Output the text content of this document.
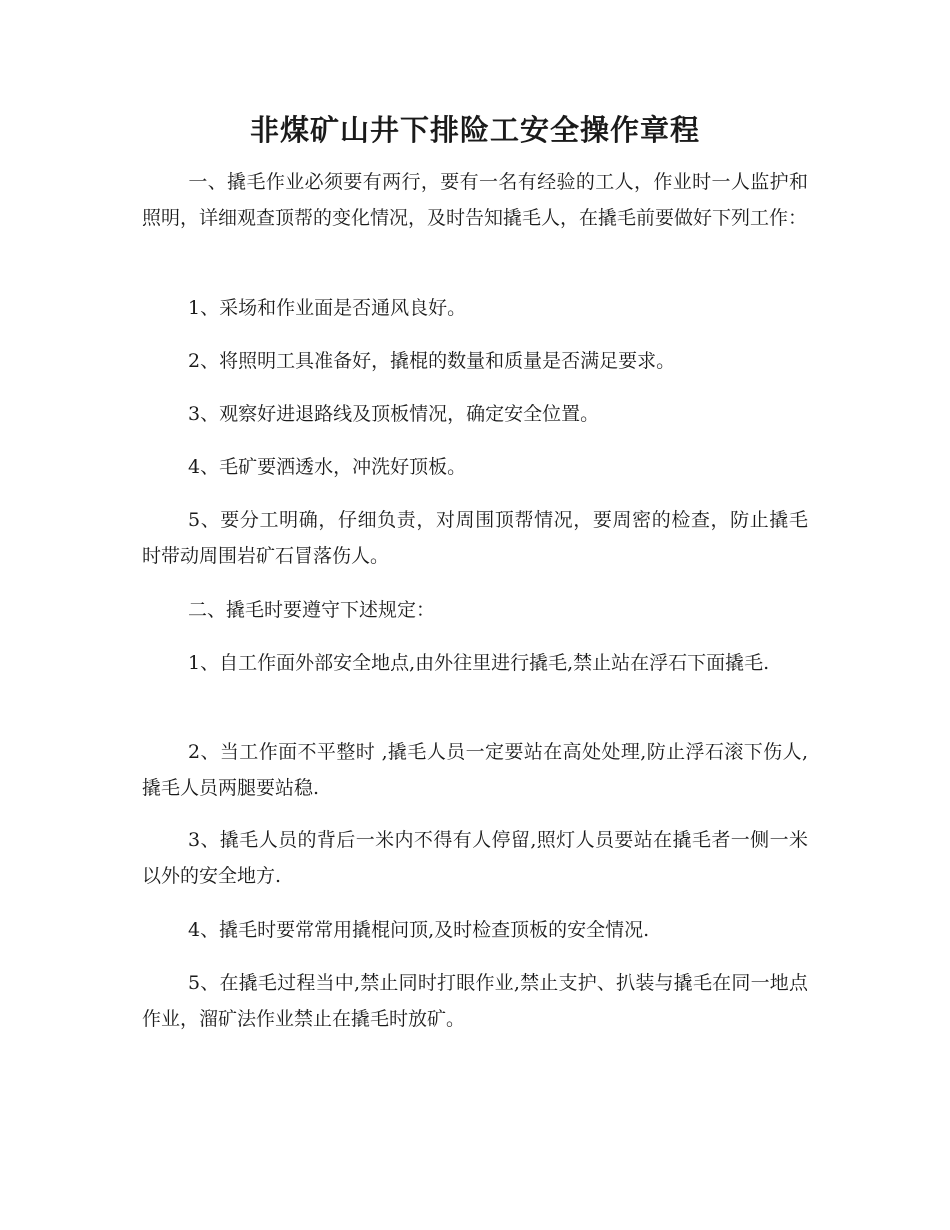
非煤矿山井下排险工安全操作章程

一、撬毛作业必须要有两行，要有一名有经验的工人，作业时一人监护和照明，详细观查顶帮的变化情况，及时告知撬毛人，在撬毛前要做好下列工作：

1、采场和作业面是否通风良好。

2、将照明工具准备好，撬棍的数量和质量是否满足要求。

3、观察好进退路线及顶板情况，确定安全位置。

4、毛矿要洒透水，冲洗好顶板。

5、要分工明确，仔细负责，对周围顶帮情况，要周密的检查，防止撬毛时带动周围岩矿石冒落伤人。

二、撬毛时要遵守下述规定：

1、自工作面外部安全地点,由外往里进行撬毛,禁止站在浮石下面撬毛.

2、当工作面不平整时 ,撬毛人员一定要站在高处处理,防止浮石滚下伤人,撬毛人员两腿要站稳.

3、撬毛人员的背后一米内不得有人停留,照灯人员要站在撬毛者一侧一米以外的安全地方.

4、撬毛时要常常用撬棍问顶,及时检查顶板的安全情况.

5、在撬毛过程当中,禁止同时打眼作业,禁止支护、扒装与撬毛在同一地点作业，溜矿法作业禁止在撬毛时放矿。
